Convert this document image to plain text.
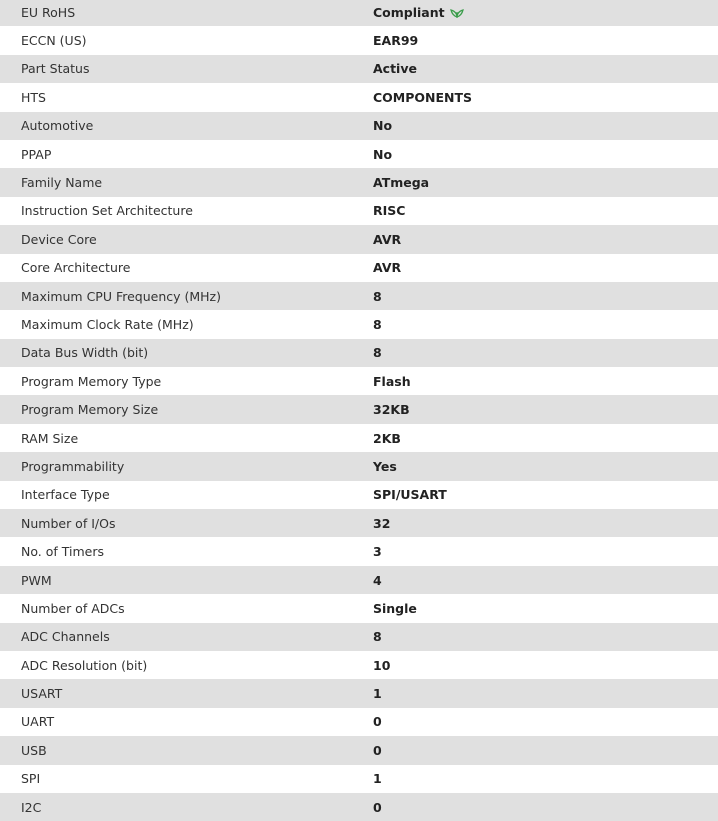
EU RoHS	Compliant
ECCN (US)	EAR99
Part Status	Active
HTS	COMPONENTS
Automotive	No
PPAP	No
Family Name	ATmega
Instruction Set Architecture	RISC
Device Core	AVR
Core Architecture	AVR
Maximum CPU Frequency (MHz)	8
Maximum Clock Rate (MHz)	8
Data Bus Width (bit)	8
Program Memory Type	Flash
Program Memory Size	32KB
RAM Size	2KB
Programmability	Yes
Interface Type	SPI/USART
Number of I/Os	32
No. of Timers	3
PWM	4
Number of ADCs	Single
ADC Channels	8
ADC Resolution (bit)	10
USART	1
UART	0
USB	0
SPI	1
I2C	0
